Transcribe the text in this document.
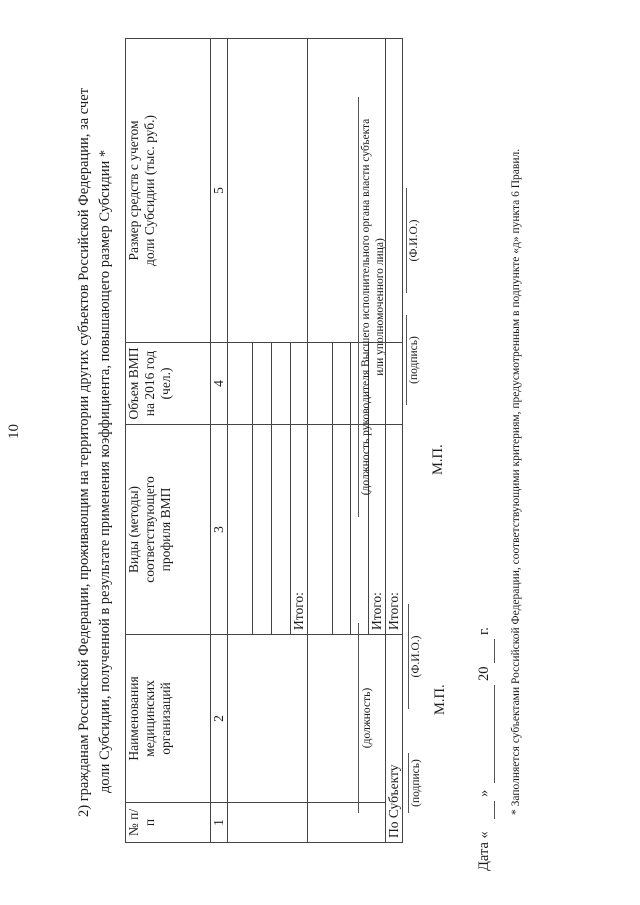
10	2) гражданам Российской Федерации, проживающим на территории других субъектов Российской Федерации, за счет доли Субсидии, полученной в результате применения коэффициента, повышающего размер Субсидии *
№ п/п	Наименования медицинских организаций	Виды (методы) соответствующего профиля ВМП	Объем ВМП на 2016 год (чел.)	Размер средств с учетом доли Субсидии (тыс. руб.)
1	2	3	4	5

		Итого:		

		Итого:		
По Субъекту		Итого:		
(должность)
(подпись)
(Ф.И.О.)
М.П.
(должность руководителя Высшего исполнительного органа власти субъекта или уполномоченного лица) (подпись)
(Ф.И.О.)
М.П.
Дата «
»
20
г. * Заполняется субъектами Российской Федерации, соответствующими критериям, предусмотренным в подпункте «д» пункта 6 Правил.
